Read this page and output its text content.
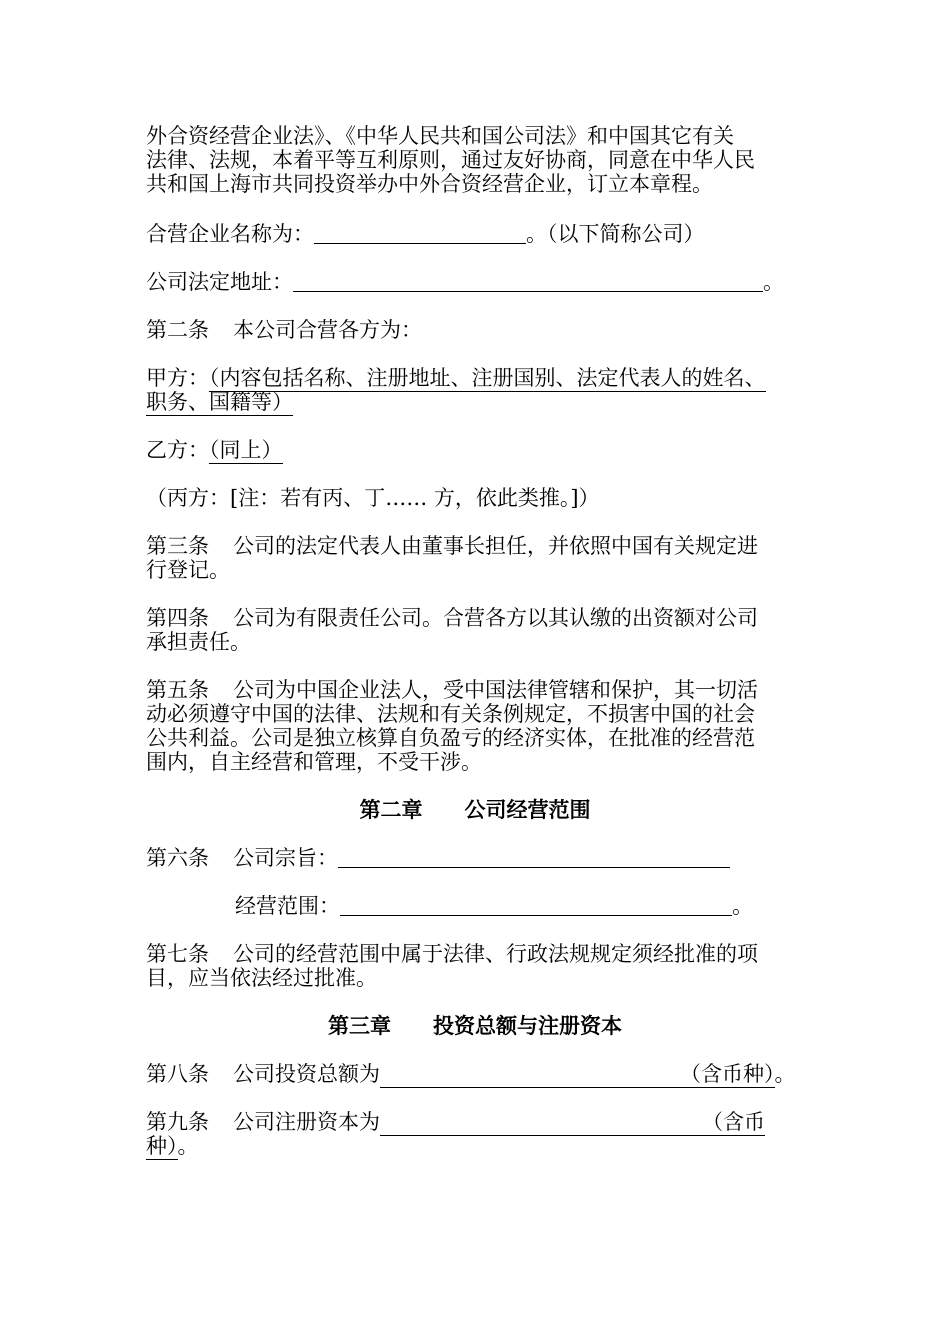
外合资经营企业法》、《中华人民共和国公司法》和中国其它有关
法律、法规，本着平等互利原则，通过友好协商，同意在中华人民
共和国上海市共同投资举办中外合资经营企业，订立本章程。
合营企业名称为：	。（以下简称公司）
公司法定地址：	。
第二条 本公司合营各方为：
甲方：（内容包括名称、注册地址、注册国别、法定代表人的姓名、
职务、国籍等）
乙方：（同上）
（丙方：[注：若有丙、丁…… 方，依此类推。]）
第三条 公司的法定代表人由董事长担任，并依照中国有关规定进
行登记。
第四条 公司为有限责任公司。合营各方以其认缴的出资额对公司
承担责任。
第五条 公司为中国企业法人，受中国法律管辖和保护，其一切活
动必须遵守中国的法律、法规和有关条例规定，不损害中国的社会
公共利益。公司是独立核算自负盈亏的经济实体，在批准的经营范
围内，自主经营和管理，不受干涉。
第二章 公司经营范围
第六条 公司宗旨：
经营范围：	。
第七条 公司的经营范围中属于法律、行政法规规定须经批准的项
目，应当依法经过批准。
第三章 投资总额与注册资本
第八条 公司投资总额为	（含币种）。
第九条 公司注册资本为	（含币
种）。
